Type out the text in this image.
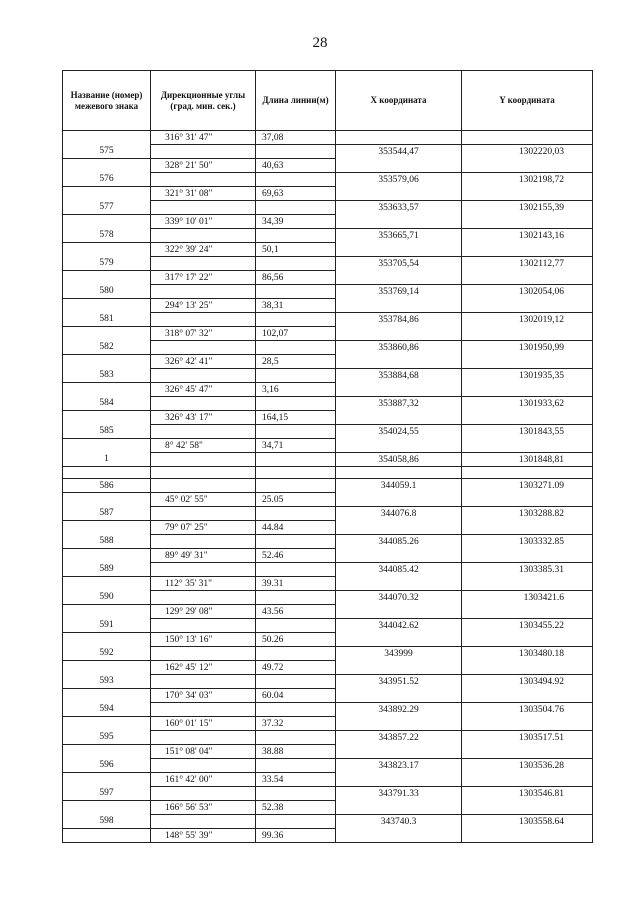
28
Название (номер) межевого знака	Дирекционные углы (град. мин. сек.)	Длина линии(м)	X координата	Y координата
	316° 31' 47"	37,08		
575			353544,47	1302220,03
	328° 21' 50"	40,63		
576			353579,06	1302198,72
	321° 31' 08"	69,63		
577			353633,57	1302155,39
	339° 10' 01"	34,39		
578			353665,71	1302143,16
	322° 39' 24"	50,1		
579			353705,54	1302112,77
	317° 17' 22"	86,56		
580			353769,14	1302054,06
	294° 13' 25"	38,31		
581			353784,86	1302019,12
	318° 07' 32"	102,07		
582			353860,86	1301950,99
	326° 42' 41"	28,5		
583			353884,68	1301935,35
	326° 45' 47"	3,16		
584			353887,32	1301933,62
	326° 43' 17"	164,15		
585			354024,55	1301843,55
	8° 42' 58"	34,71		
1			354058,86	1301848,81

586			344059.1	1303271.09
	45° 02' 55"	25.05		
587			344076.8	1303288.82
	79° 07' 25"	44.84		
588			344085.26	1303332.85
	89° 49' 31"	52.46		
589			344085.42	1303385.31
	112° 35' 31"	39.31		
590			344070.32	1303421.6
	129° 29' 08"	43.56		
591			344042.62	1303455.22
	150° 13' 16"	50.26		
592			343999	1303480.18
	162° 45' 12"	49.72		
593			343951.52	1303494.92
	170° 34' 03"	60.04		
594			343892.29	1303504.76
	160° 01' 15"	37.32		
595			343857.22	1303517.51
	151° 08' 04"	38.88		
596			343823.17	1303536.28
	161° 42' 00"	33.54		
597			343791.33	1303546.81
	166° 56' 53"	52.38		
598			343740.3	1303558.64
	148° 55' 39"	99.36		
